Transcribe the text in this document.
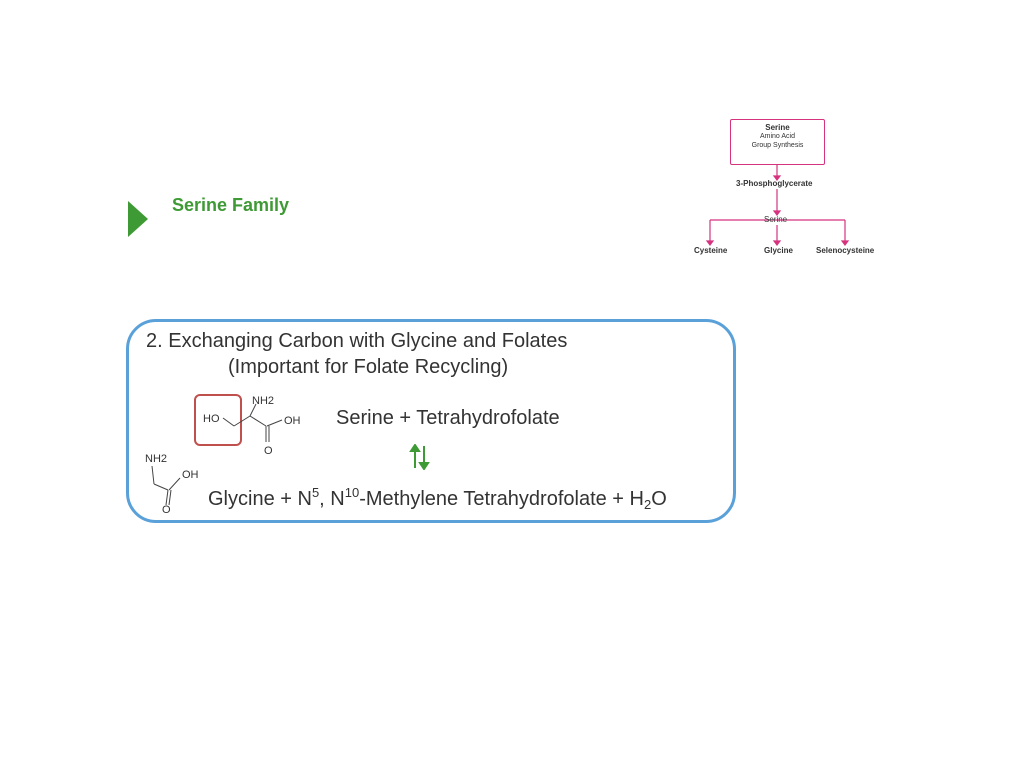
Serine Family
Serine
Amino Acid
Group Synthesis
3-Phosphoglycerate
Serine
Cysteine	Glycine	Selenocysteine
2. Exchanging Carbon with Glycine and Folates
(Important for Folate Recycling)
HO
NH2
OH
O
NH2
OH
O
Serine + Tetrahydrofolate
Glycine + $N^5$, $N^{10}$-Methylene Tetrahydrofolate + $H_2O$
